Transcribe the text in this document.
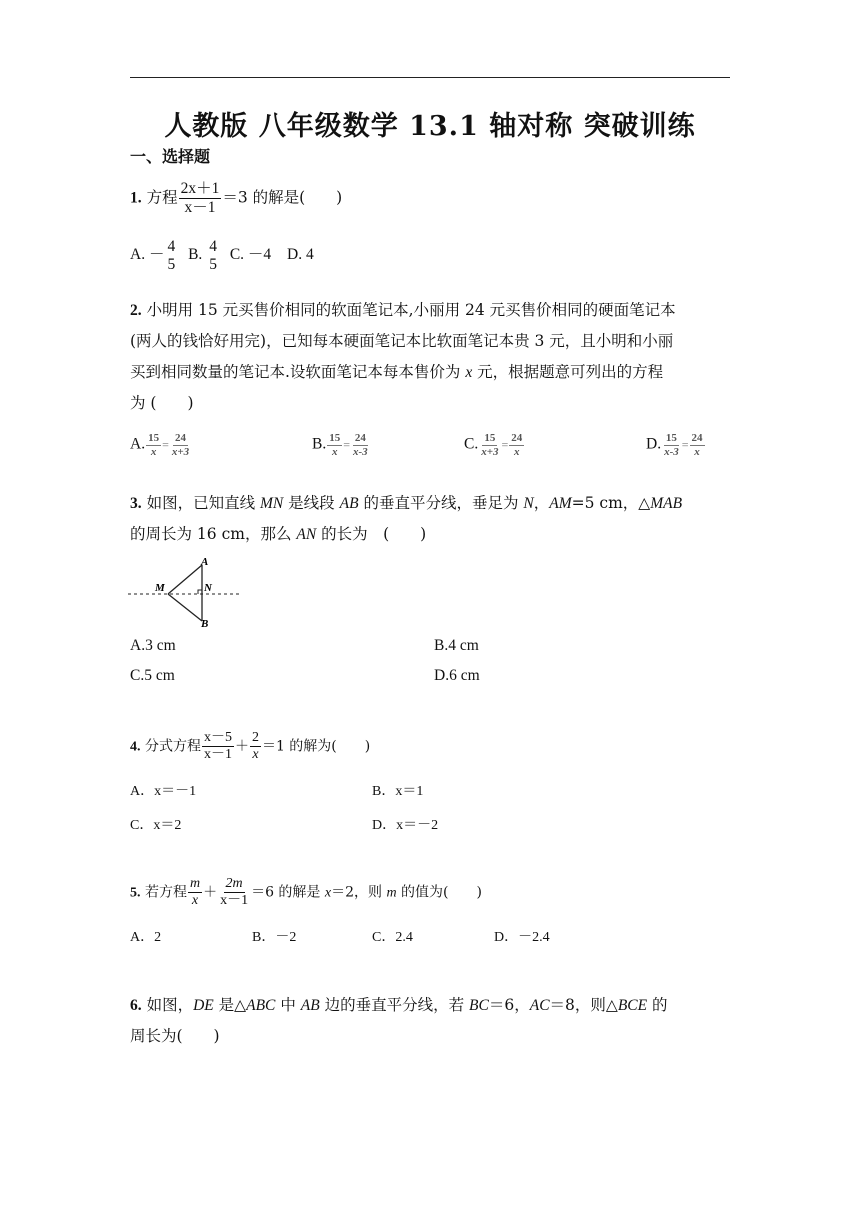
人教版 八年级数学 13.1 轴对称 突破训练
一、选择题
1. 方程 $\frac{2x+1}{x-1} =3$ 的解是(　　)
A. － 4
5
B. 4
5
C. －4 D. 4
2. 小明用 15 元买售价相同的软面笔记本,小丽用 24 元买售价相同的硬面笔记本
(两人的钱恰好用完)，已知每本硬面笔记本比软面笔记本贵 3 元，且小明和小丽
买到相同数量的笔记本.设软面笔记本每本售价为 x 元，根据题意可列出的方程
为 (　　)
A. $\frac{15}{x} = \frac{24}{x+3}$	B. $\frac{15}{x} = \frac{24}{x-3}$	C. $\frac{15}{x+3} = \frac{24}{x}$	D. $\frac{15}{x-3} = \frac{24}{x}$
3. 如图，已知直线 MN 是线段 AB 的垂直平分线，垂足为 N，AM=5 cm，△MAB
的周长为 16 cm，那么 AN 的长为　(　　)
A
M	N
B
A.3 cm	B.4 cm
C.5 cm	D.6 cm
4. 分式方程 $\frac{x-5}{x-1} + \frac{2}{x} =1$ 的解为(　　)
A．x＝－1	B．x＝1
C．x＝2	D．x＝－2
5. 若方程 $\frac{m}{x} + \frac{2m}{x-1} =6$ 的解是 x＝2，则 m 的值为(　　)
A．2	B．－2	C．2.4	D．－2.4
6. 如图，DE 是△ABC 中 AB 边的垂直平分线，若 BC＝6，AC＝8，则△BCE 的
周长为(　　)
